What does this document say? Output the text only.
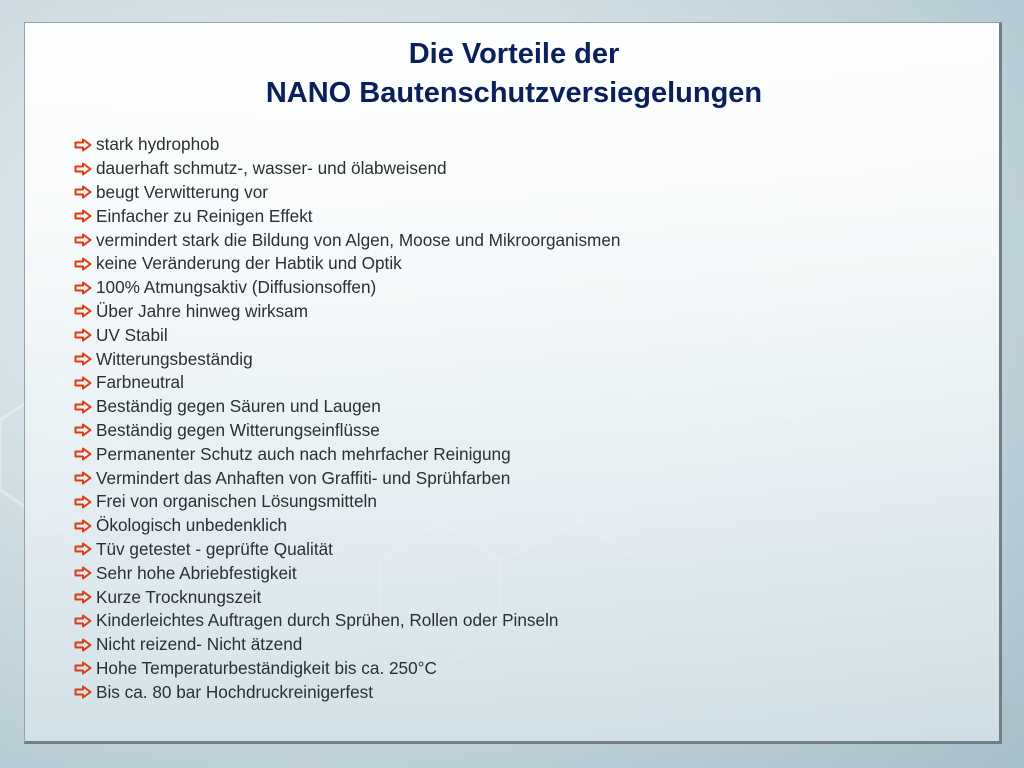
Die Vorteile der
NANO Bautenschutzversiegelungen
stark hydrophob
dauerhaft schmutz-, wasser- und ölabweisend
beugt Verwitterung vor
Einfacher zu Reinigen Effekt
vermindert stark die Bildung von Algen, Moose und Mikroorganismen
keine Veränderung der Habtik und Optik
100% Atmungsaktiv (Diffusionsoffen)
Über Jahre hinweg wirksam
UV Stabil
Witterungsbeständig
Farbneutral
Beständig gegen Säuren und Laugen
Beständig gegen Witterungseinflüsse
Permanenter Schutz auch nach mehrfacher Reinigung
Vermindert das Anhaften von Graffiti- und Sprühfarben
Frei von organischen Lösungsmitteln
Ökologisch unbedenklich
Tüv getestet - geprüfte Qualität
Sehr hohe Abriebfestigkeit
Kurze Trocknungszeit
Kinderleichtes Auftragen durch Sprühen, Rollen oder Pinseln
Nicht reizend- Nicht ätzend
Hohe Temperaturbeständigkeit bis ca. 250°C
Bis ca. 80 bar Hochdruckreinigerfest
